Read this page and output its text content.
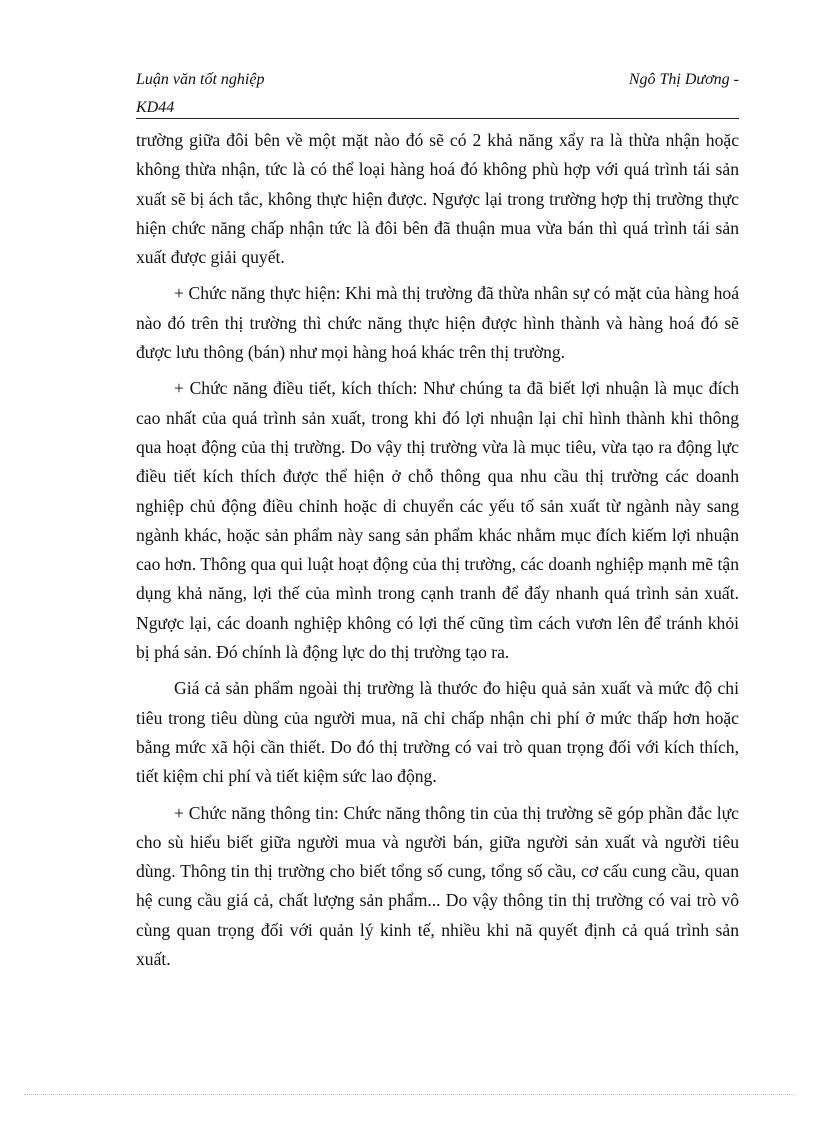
Luận văn tốt nghiệp
KD44
Ngô Thị Dương -

trường giữa đôi bên về một mặt nào đó sẽ có 2 khả năng xẩy ra là thừa nhận hoặc không thừa nhận, tức là có thể loại hàng hoá đó không phù hợp với quá trình tái sản xuất sẽ bị ách tắc, không thực hiện được. Ngược lại trong trường hợp thị trường thực hiện chức năng chấp nhận tức là đôi bên đã thuận mua vừa bán thì quá trình tái sản xuất được giải quyết.

+ Chức năng thực hiện: Khi mà thị trường đã thừa nhân sự có mặt của hàng hoá nào đó trên thị trường thì chức năng thực hiện được hình thành và hàng hoá đó sẽ được lưu thông (bán) như mọi hàng hoá khác trên thị trường.

+ Chức năng điều tiết, kích thích: Như chúng ta đã biết lợi nhuận là mục đích cao nhất của quá trình sản xuất, trong khi đó lợi nhuận lại chỉ hình thành khi thông qua hoạt động của thị trường. Do vậy thị trường vừa là mục tiêu, vừa tạo ra động lực điều tiết kích thích được thể hiện ở chỗ thông qua nhu cầu thị trường các doanh nghiệp chủ động điều chỉnh hoặc di chuyển các yếu tố sản xuất từ ngành này sang ngành khác, hoặc sản phẩm này sang sản phẩm khác nhằm mục đích kiếm lợi nhuận cao hơn. Thông qua qui luật hoạt động của thị trường, các doanh nghiệp mạnh mẽ tận dụng khả năng, lợi thế của mình trong cạnh tranh để đẩy nhanh quá trình sản xuất. Ngược lại, các doanh nghiệp không có lợi thế cũng tìm cách vươn lên để tránh khỏi bị phá sản. Đó chính là động lực do thị trường tạo ra.

Giá cả sản phẩm ngoài thị trường là thước đo hiệu quả sản xuất và mức độ chi tiêu trong tiêu dùng của người mua, nã chỉ chấp nhận chi phí ở mức thấp hơn hoặc bằng mức xã hội cần thiết. Do đó thị trường có vai trò quan trọng đối với kích thích, tiết kiệm chi phí và tiết kiệm sức lao động.

+ Chức năng thông tin: Chức năng thông tin của thị trường sẽ góp phần đắc lực cho sù hiểu biết giữa người mua và người bán, giữa người sản xuất và người tiêu dùng. Thông tin thị trường cho biết tổng số cung, tổng số cầu, cơ cấu cung cầu, quan hệ cung cầu giá cả, chất lượng sản phẩm... Do vậy thông tin thị trường có vai trò vô cùng quan trọng đối với quản lý kinh tế, nhiều khi nã quyết định cả quá trình sản xuất.
